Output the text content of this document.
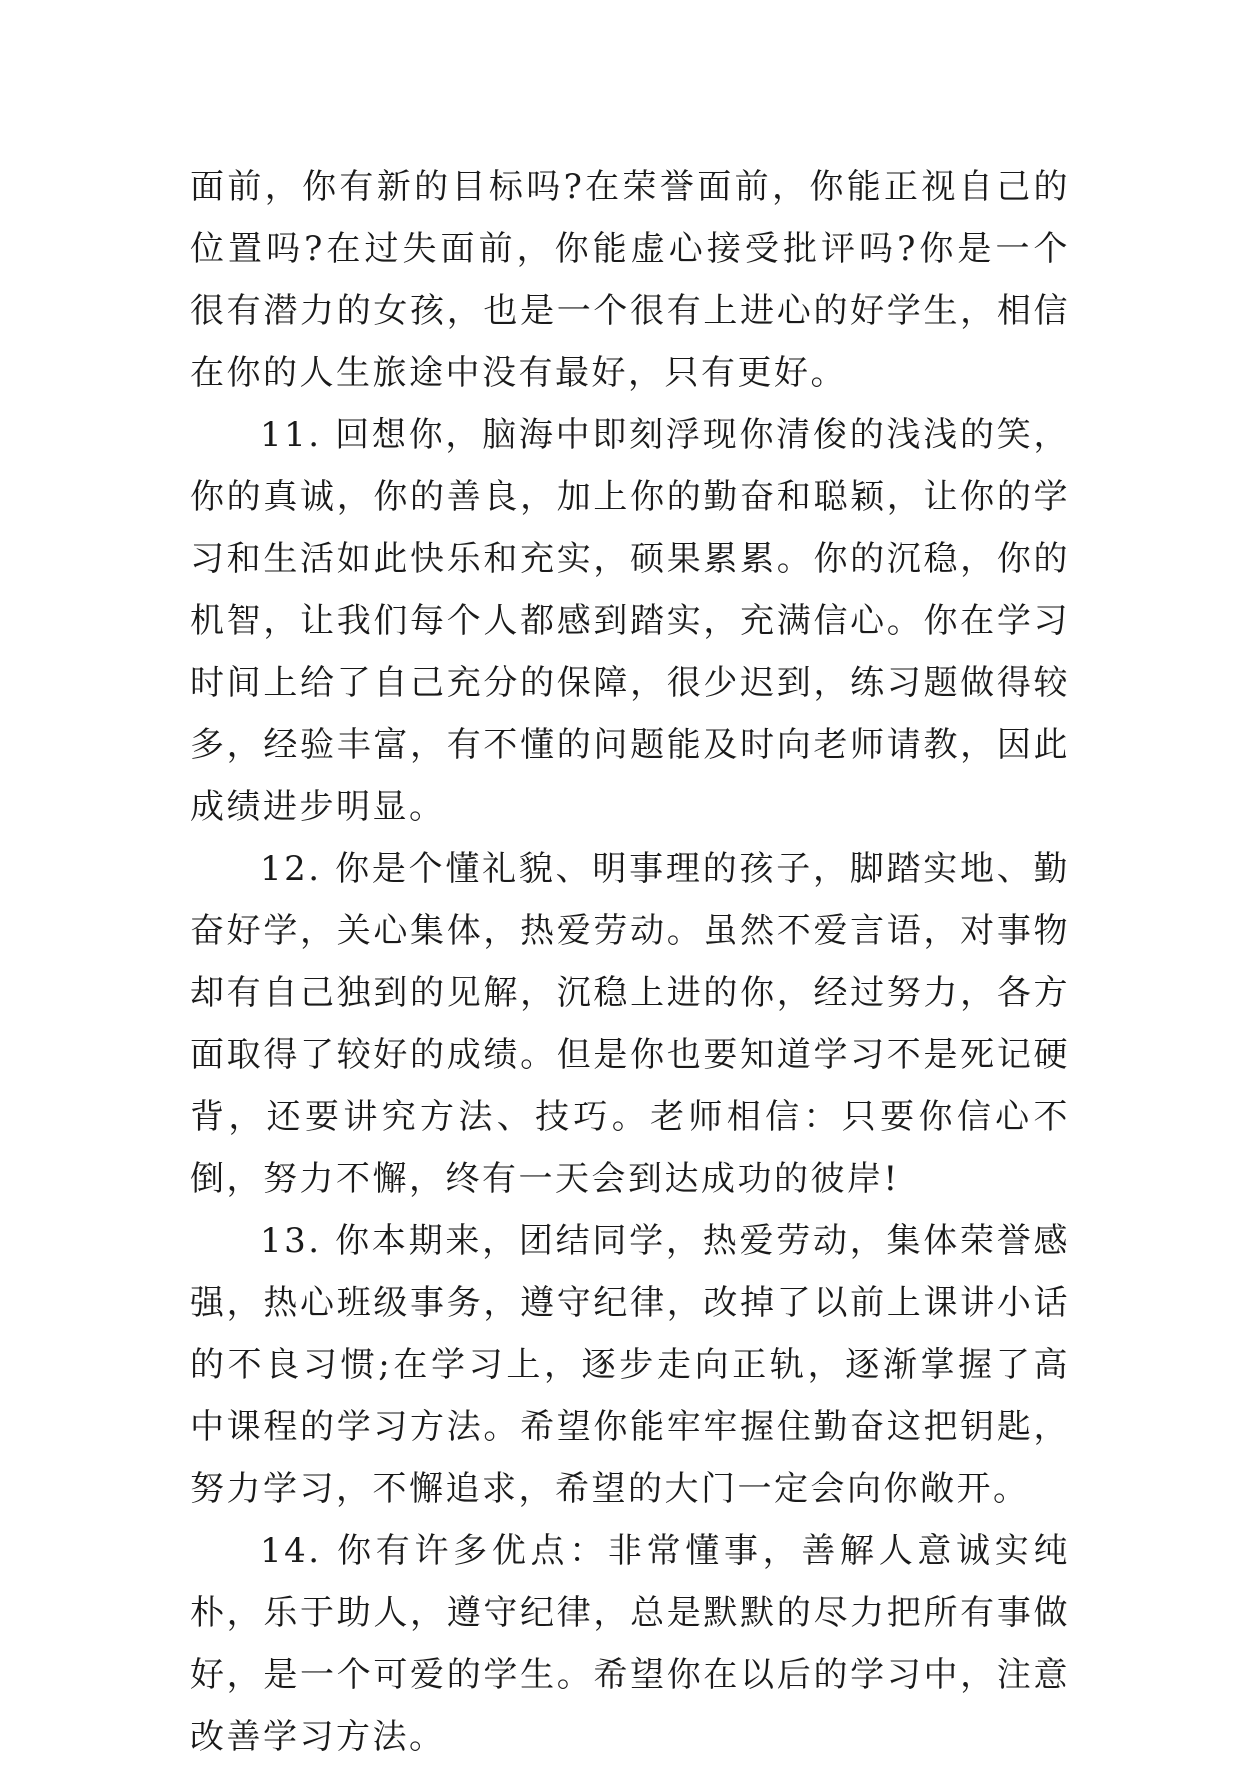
面前，你有新的目标吗?在荣誉面前，你能正视自己的位置吗?在过失面前，你能虚心接受批评吗?你是一个很有潜力的女孩，也是一个很有上进心的好学生，相信在你的人生旅途中没有最好，只有更好。

11. 回想你，脑海中即刻浮现你清俊的浅浅的笑，你的真诚，你的善良，加上你的勤奋和聪颖，让你的学习和生活如此快乐和充实，硕果累累。你的沉稳，你的机智，让我们每个人都感到踏实，充满信心。你在学习时间上给了自己充分的保障，很少迟到，练习题做得较多，经验丰富，有不懂的问题能及时向老师请教，因此成绩进步明显。

12. 你是个懂礼貌、明事理的孩子，脚踏实地、勤奋好学，关心集体，热爱劳动。虽然不爱言语，对事物却有自己独到的见解，沉稳上进的你，经过努力，各方面取得了较好的成绩。但是你也要知道学习不是死记硬背，还要讲究方法、技巧。老师相信：只要你信心不倒，努力不懈，终有一天会到达成功的彼岸!

13. 你本期来，团结同学，热爱劳动，集体荣誉感强，热心班级事务，遵守纪律，改掉了以前上课讲小话的不良习惯;在学习上，逐步走向正轨，逐渐掌握了高中课程的学习方法。希望你能牢牢握住勤奋这把钥匙，努力学习，不懈追求，希望的大门一定会向你敞开。

14. 你有许多优点：非常懂事，善解人意诚实纯朴，乐于助人，遵守纪律，总是默默的尽力把所有事做好，是一个可爱的学生。希望你在以后的学习中，注意改善学习方法。
